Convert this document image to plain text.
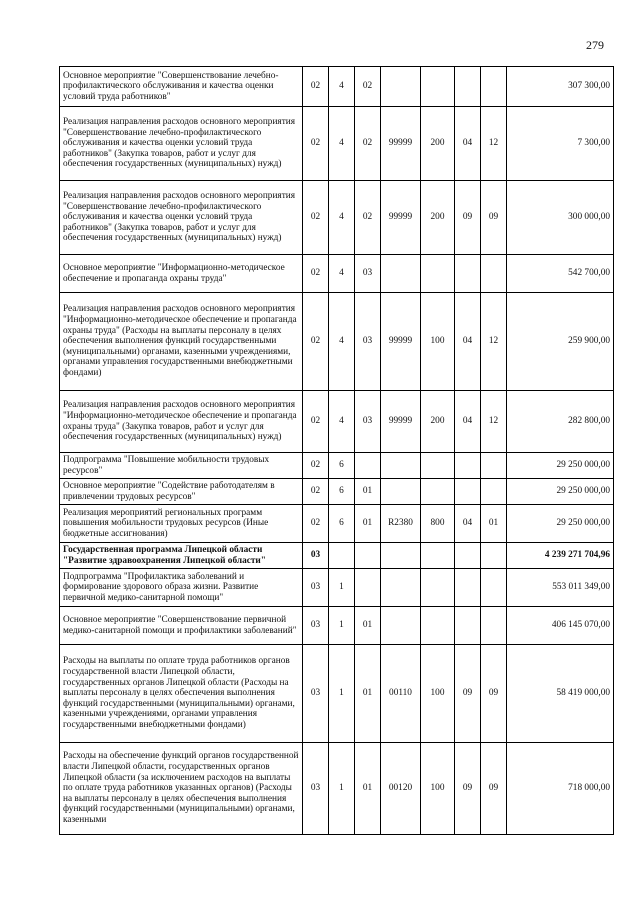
279
Основное мероприятие "Совершенствование лечебно-профилактического обслуживания и качества оценки условий труда работников"	02	4	02					307 300,00
Реализация направления расходов основного мероприятия "Совершенствование лечебно-профилактического обслуживания и качества оценки условий труда работников" (Закупка товаров, работ и услуг для обеспечения государственных (муниципальных) нужд)	02	4	02	99999	200	04	12	7 300,00
Реализация направления расходов основного мероприятия "Совершенствование лечебно-профилактического обслуживания и качества оценки условий труда работников" (Закупка товаров, работ и услуг для обеспечения государственных (муниципальных) нужд)	02	4	02	99999	200	09	09	300 000,00
Основное мероприятие "Информационно-методическое обеспечение и пропаганда охраны труда"	02	4	03					542 700,00
Реализация направления расходов основного мероприятия "Информационно-методическое обеспечение и пропаганда охраны труда" (Расходы на выплаты персоналу в целях обеспечения выполнения функций государственными (муниципальными) органами, казенными учреждениями, органами управления государственными внебюджетными фондами)	02	4	03	99999	100	04	12	259 900,00
Реализация направления расходов основного мероприятия "Информационно-методическое обеспечение и пропаганда охраны труда" (Закупка товаров, работ и услуг для обеспечения государственных (муниципальных) нужд)	02	4	03	99999	200	04	12	282 800,00
Подпрограмма "Повышение мобильности трудовых ресурсов"	02	6						29 250 000,00
Основное мероприятие "Содействие работодателям в привлечении трудовых ресурсов"	02	6	01					29 250 000,00
Реализация мероприятий региональных программ повышения мобильности трудовых ресурсов (Иные бюджетные ассигнования)	02	6	01	R2380	800	04	01	29 250 000,00
Государственная программа Липецкой области "Развитие здравоохранения Липецкой области"	03							4 239 271 704,96
Подпрограмма "Профилактика заболеваний и формирование здорового образа жизни. Развитие первичной медико-санитарной помощи"	03	1						553 011 349,00
Основное мероприятие "Совершенствование первичной медико-санитарной помощи и профилактики заболеваний"	03	1	01					406 145 070,00
Расходы на выплаты по оплате труда работников органов государственной власти Липецкой области, государственных органов Липецкой области (Расходы на выплаты персоналу в целях обеспечения выполнения функций государственными (муниципальными) органами, казенными учреждениями, органами управления государственными внебюджетными фондами)	03	1	01	00110	100	09	09	58 419 000,00
Расходы на обеспечение функций органов государственной власти Липецкой области, государственных органов Липецкой области (за исключением расходов на выплаты по оплате труда работников указанных органов) (Расходы на выплаты персоналу в целях обеспечения выполнения функций государственными (муниципальными) органами, казенными	03	1	01	00120	100	09	09	718 000,00
